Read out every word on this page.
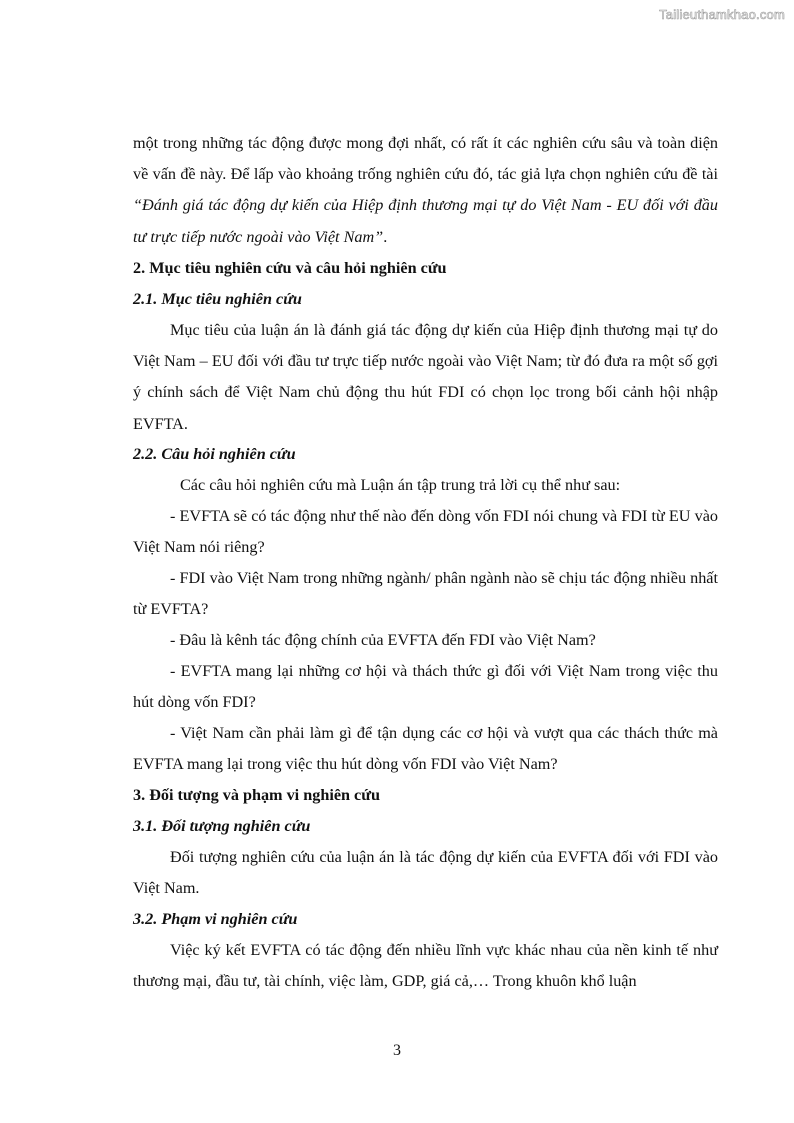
Tailieuthamkhao.com

một trong những tác động được mong đợi nhất, có rất ít các nghiên cứu sâu và toàn diện về vấn đề này. Để lấp vào khoảng trống nghiên cứu đó, tác giả lựa chọn nghiên cứu đề tài “Đánh giá tác động dự kiến của Hiệp định thương mại tự do Việt Nam - EU đối với đầu tư trực tiếp nước ngoài vào Việt Nam”.

2. Mục tiêu nghiên cứu và câu hỏi nghiên cứu

2.1. Mục tiêu nghiên cứu

Mục tiêu của luận án là đánh giá tác động dự kiến của Hiệp định thương mại tự do Việt Nam – EU đối với đầu tư trực tiếp nước ngoài vào Việt Nam; từ đó đưa ra một số gợi ý chính sách để Việt Nam chủ động thu hút FDI có chọn lọc trong bối cảnh hội nhập EVFTA.

2.2. Câu hỏi nghiên cứu

Các câu hỏi nghiên cứu mà Luận án tập trung trả lời cụ thể như sau:

- EVFTA sẽ có tác động như thế nào đến dòng vốn FDI nói chung và FDI từ EU vào Việt Nam nói riêng?

- FDI vào Việt Nam trong những ngành/ phân ngành nào sẽ chịu tác động nhiều nhất từ EVFTA?

- Đâu là kênh tác động chính của EVFTA đến FDI vào Việt Nam?

- EVFTA mang lại những cơ hội và thách thức gì đối với Việt Nam trong việc thu hút dòng vốn FDI?

- Việt Nam cần phải làm gì để tận dụng các cơ hội và vượt qua các thách thức mà EVFTA mang lại trong việc thu hút dòng vốn FDI vào Việt Nam?

3. Đối tượng và phạm vi nghiên cứu

3.1. Đối tượng nghiên cứu

Đối tượng nghiên cứu của luận án là tác động dự kiến của EVFTA đối với FDI vào Việt Nam.

3.2. Phạm vi nghiên cứu

Việc ký kết EVFTA có tác động đến nhiều lĩnh vực khác nhau của nền kinh tế như thương mại, đầu tư, tài chính, việc làm, GDP, giá cả,… Trong khuôn khổ luận

3
